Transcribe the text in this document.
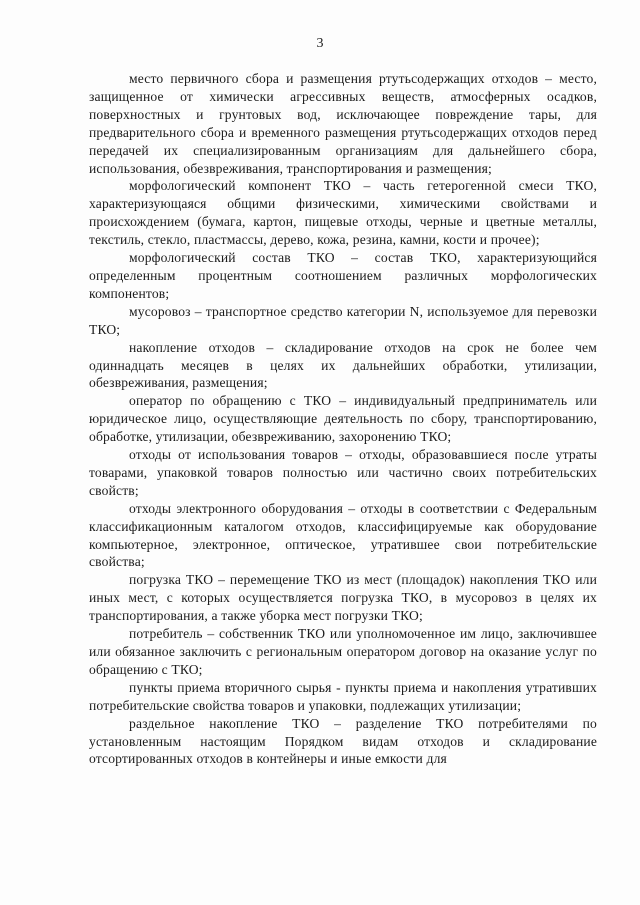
3

место первичного сбора и размещения ртутьсодержащих отходов – место, защищенное от химически агрессивных веществ, атмосферных осадков, поверхностных и грунтовых вод, исключающее повреждение тары, для предварительного сбора и временного размещения ртутьсодержащих отходов перед передачей их специализированным организациям для дальнейшего сбора, использования, обезвреживания, транспортирования и размещения;

морфологический компонент ТКО – часть гетерогенной смеси ТКО, характеризующаяся общими физическими, химическими свойствами и происхождением (бумага, картон, пищевые отходы, черные и цветные металлы, текстиль, стекло, пластмассы, дерево, кожа, резина, камни, кости и прочее);

морфологический состав ТКО – состав ТКО, характеризующийся определенным процентным соотношением различных морфологических компонентов;

мусоровоз – транспортное средство категории N, используемое для перевозки ТКО;

накопление отходов – складирование отходов на срок не более чем одиннадцать месяцев в целях их дальнейших обработки, утилизации, обезвреживания, размещения;

оператор по обращению с ТКО – индивидуальный предприниматель или юридическое лицо, осуществляющие деятельность по сбору, транспортированию, обработке, утилизации, обезвреживанию, захоронению ТКО;

отходы от использования товаров – отходы, образовавшиеся после утраты товарами, упаковкой товаров полностью или частично своих потребительских свойств;

отходы электронного оборудования – отходы в соответствии с Федеральным классификационным каталогом отходов, классифицируемые как оборудование компьютерное, электронное, оптическое, утратившее свои потребительские свойства;

погрузка ТКО – перемещение ТКО из мест (площадок) накопления ТКО или иных мест, с которых осуществляется погрузка ТКО, в мусоровоз в целях их транспортирования, а также уборка мест погрузки ТКО;

потребитель – собственник ТКО или уполномоченное им лицо, заключившее или обязанное заключить с региональным оператором договор на оказание услуг по обращению с ТКО;

пункты приема вторичного сырья - пункты приема и накопления утративших потребительские свойства товаров и упаковки, подлежащих утилизации;

раздельное накопление ТКО – разделение ТКО потребителями по установленным настоящим Порядком видам отходов и складирование отсортированных отходов в контейнеры и иные емкости для
